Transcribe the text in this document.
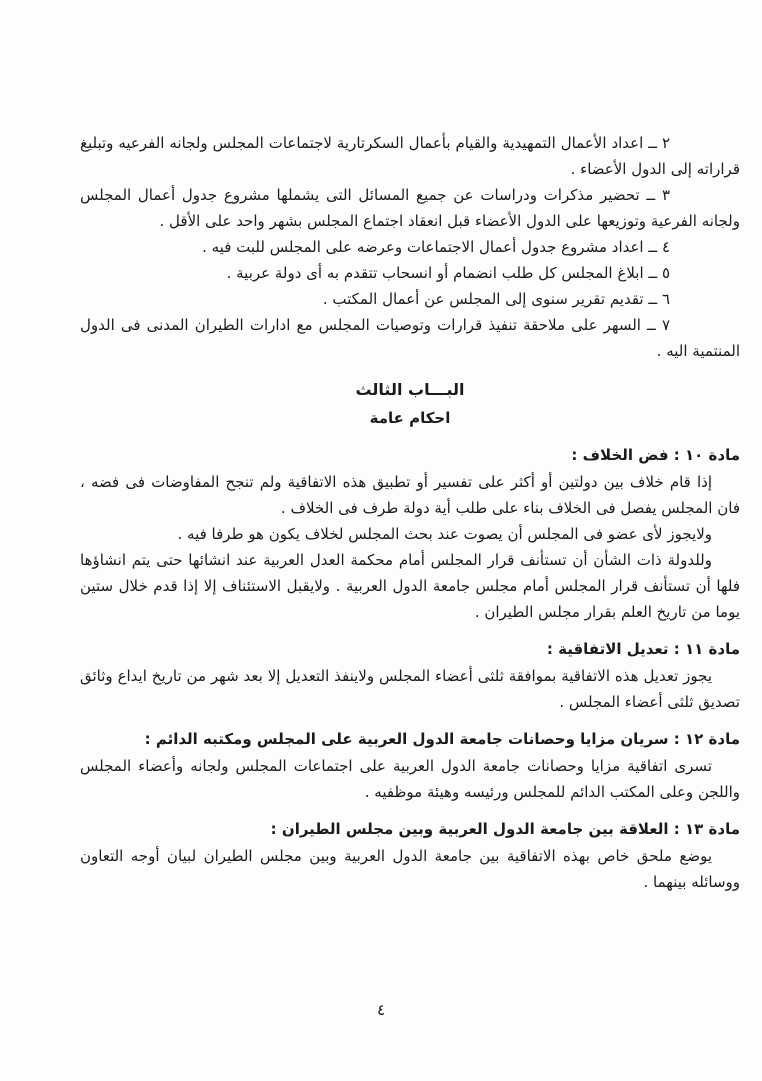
٢ ــ اعداد الأعمال التمهيدية والقيام بأعمال السكرتارية لاجتماعات المجلس ولجانه الفرعيه وتبليغ قراراته إلى الدول الأعضاء .

٣ ــ تحضير مذكرات ودراسات عن جميع المسائل التى يشملها مشروع جدول أعمال المجلس ولجانه الفرعية وتوزيعها على الدول الأعضاء قبل انعقاد اجتماع المجلس بشهر واحد على الأقل .

٤ ــ اعداد مشروع جدول أعمال الاجتماعات وعرضه على المجلس للبت فيه .

٥ ــ ابلاغ المجلس كل طلب انضمام أو انسحاب تتقدم به أى دولة عربية .

٦ ــ تقديم تقرير سنوى إلى المجلس عن أعمال المكتب .

٧ ــ السهر على ملاحقة تنفيذ قرارات وتوصيات المجلس مع ادارات الطيران المدنى فى الدول المنتمية اليه .

البـــاب الثالث

احكام عامة

مادة ١٠ : فض الخلاف :

إذا قام خلاف بين دولتين أو أكثر على تفسير أو تطبيق هذه الاتفاقية ولم تنجح المفاوضات فى فضه ، فان المجلس يفصل فى الخلاف بناء على طلب أية دولة طرف فى الخلاف .

ولايجوز لأى عضو فى المجلس أن يصوت عند بحث المجلس لخلاف يكون هو طرفا فيه .

وللدولة ذات الشأن أن تستأنف قرار المجلس أمام محكمة العدل العربية عند انشائها حتى يتم انشاؤها فلها أن تستأنف قرار المجلس أمام مجلس جامعة الدول العربية . ولايقبل الاستئناف إلا إذا قدم خلال ستين يوما من تاريخ العلم بقرار مجلس الطيران .

مادة ١١ : تعديل الاتفاقية :

يجوز تعديل هذه الاتفاقية بموافقة ثلثى أعضاء المجلس ولاينفذ التعديل إلا بعد شهر من تاريخ ايداع وثائق تصديق ثلثى أعضاء المجلس .

مادة ١٢ : سريان مزايا وحصانات جامعة الدول العربية على المجلس ومكتبه الدائم :

تسرى اتفاقية مزايا وحصانات جامعة الدول العربية على اجتماعات المجلس ولجانه وأعضاء المجلس واللجن وعلى المكتب الدائم للمجلس ورئيسه وهيئة موظفيه .

مادة ١٣ : العلاقة بين جامعة الدول العربية وبين مجلس الطيران :

يوضع ملحق خاص بهذه الاتفاقية بين جامعة الدول العربية وبين مجلس الطيران لبيان أوجه التعاون ووسائله بينهما .

٤
